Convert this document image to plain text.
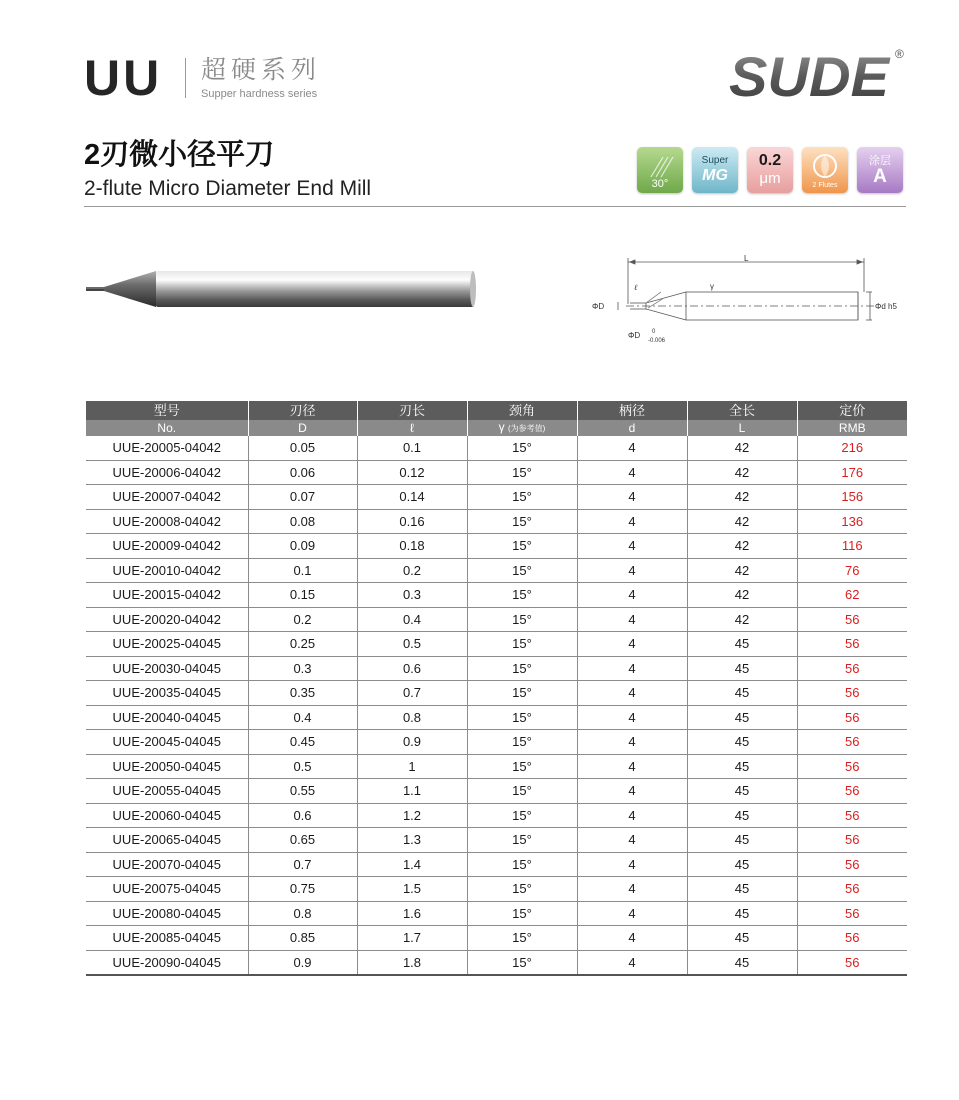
UU 超硬系列
Supper hardness series	SUDE ®
2刃微小径平刀
2-flute Micro Diameter End Mill	30°
Super
MG
0.2
μm	2 Flutes
涂层
A
L
ℓ	γ
ΦD	Φd h5
ΦD 0
-0.006
型号	刃径	刃长	颈角	柄径	全长	定价
No.	D	ℓ	γ (为参考值)	d	L	RMB
UUE-20005-04042	0.05	0.1	15°	4	42	216
UUE-20006-04042	0.06	0.12	15°	4	42	176
UUE-20007-04042	0.07	0.14	15°	4	42	156
UUE-20008-04042	0.08	0.16	15°	4	42	136
UUE-20009-04042	0.09	0.18	15°	4	42	116
UUE-20010-04042	0.1	0.2	15°	4	42	76
UUE-20015-04042	0.15	0.3	15°	4	42	62
UUE-20020-04042	0.2	0.4	15°	4	42	56
UUE-20025-04045	0.25	0.5	15°	4	45	56
UUE-20030-04045	0.3	0.6	15°	4	45	56
UUE-20035-04045	0.35	0.7	15°	4	45	56
UUE-20040-04045	0.4	0.8	15°	4	45	56
UUE-20045-04045	0.45	0.9	15°	4	45	56
UUE-20050-04045	0.5	1	15°	4	45	56
UUE-20055-04045	0.55	1.1	15°	4	45	56
UUE-20060-04045	0.6	1.2	15°	4	45	56
UUE-20065-04045	0.65	1.3	15°	4	45	56
UUE-20070-04045	0.7	1.4	15°	4	45	56
UUE-20075-04045	0.75	1.5	15°	4	45	56
UUE-20080-04045	0.8	1.6	15°	4	45	56
UUE-20085-04045	0.85	1.7	15°	4	45	56
UUE-20090-04045	0.9	1.8	15°	4	45	56
